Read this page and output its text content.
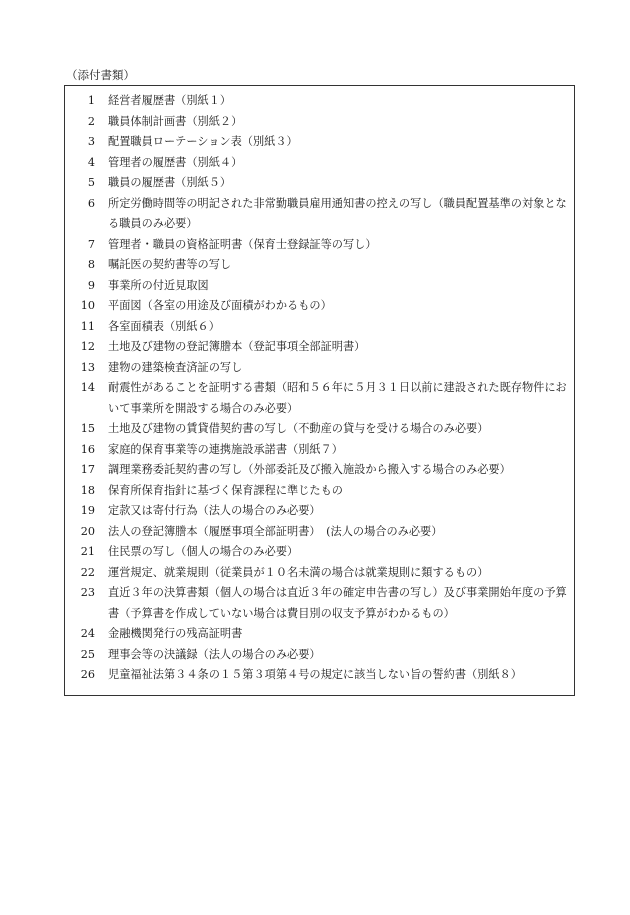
（添付書類）
1 経営者履歴書（別紙１）
2 職員体制計画書（別紙２）
3 配置職員ローテーション表（別紙３）
4 管理者の履歴書（別紙４）
5 職員の履歴書（別紙５）
6 所定労働時間等の明記された非常勤職員雇用通知書の控えの写し（職員配置基準の対象となる職員のみ必要）
7 管理者・職員の資格証明書（保育士登録証等の写し）
8 嘱託医の契約書等の写し
9 事業所の付近見取図
10 平面図（各室の用途及び面積がわかるもの）
11 各室面積表（別紙６）
12 土地及び建物の登記簿謄本（登記事項全部証明書）
13 建物の建築検査済証の写し
14 耐震性があることを証明する書類（昭和５６年に５月３１日以前に建設された既存物件において事業所を開設する場合のみ必要）
15 土地及び建物の賃貸借契約書の写し（不動産の貸与を受ける場合のみ必要）
16 家庭的保育事業等の連携施設承諾書（別紙７）
17 調理業務委託契約書の写し（外部委託及び搬入施設から搬入する場合のみ必要）
18 保育所保育指針に基づく保育課程に準じたもの
19 定款又は寄付行為（法人の場合のみ必要）
20 法人の登記簿謄本（履歴事項全部証明書）　(法人の場合のみ必要）
21 住民票の写し（個人の場合のみ必要）
22 運営規定、就業規則（従業員が１０名未満の場合は就業規則に類するもの）
23 直近３年の決算書類（個人の場合は直近３年の確定申告書の写し）及び事業開始年度の予算書（予算書を作成していない場合は費目別の収支予算がわかるもの）
24 金融機関発行の残高証明書
25 理事会等の決議録（法人の場合のみ必要）
26 児童福祉法第３４条の１５第３項第４号の規定に該当しない旨の誓約書（別紙８）
